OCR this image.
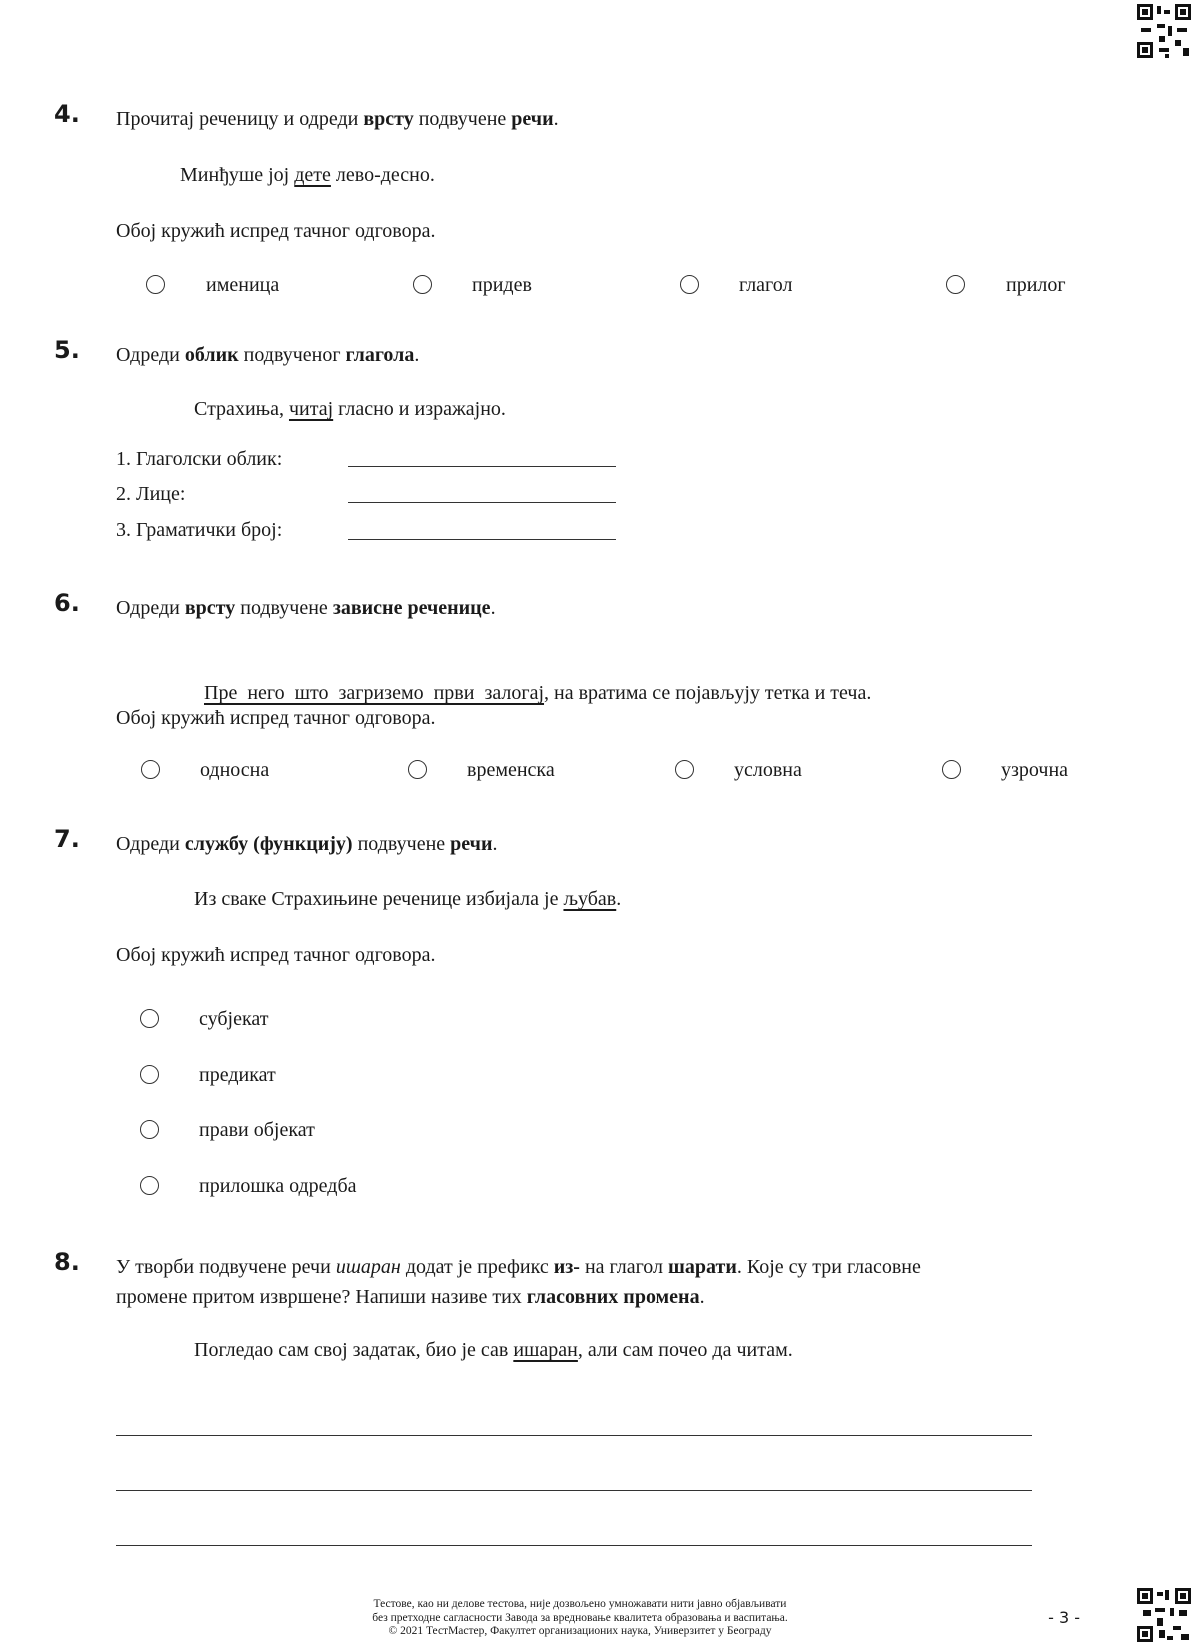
4. Прочитај реченицу и одреди врсту подвучене речи.
Минђуше јој дете лево-десно.
Обој кружић испред тачног одговора.
именица	придев	глагол	прилог
5. Одреди облик подвученог глагола.
Страхиња, читај гласно и изражајно.
1. Глаголски облик:
2. Лице:
3. Граматички број:
6. Одреди врсту подвучене зависне реченице.

Пре  него  што  загриземо  први  залогај, на вратима се појављују тетка и теча.

Обој кружић испред тачног одговора.
односна	временска	условна	узрочна
7. Одреди службу (функцију) подвучене речи.
Из сваке Страхињине реченице избијала је љубав.
Обој кружић испред тачног одговора.
субјекат
предикат
прави објекат
прилошка одредба
8. У творби подвучене речи ишаран додат је префикс из- на глагол шарати. Које су три гласовне
промене притом извршене? Напиши називе тих гласовних промена.
Погледао сам свој задатак, био је сав ишаран, али сам почео да читам.
Тестове, као ни делове тестова, није дозвољено умножавати нити јавно објављивати
без претходне сагласности Завода за вредновање квалитета образовања и васпитања.
© 2021 ТестМастер, Факултет организационих наука, Универзитет у Београду
- 3 -
